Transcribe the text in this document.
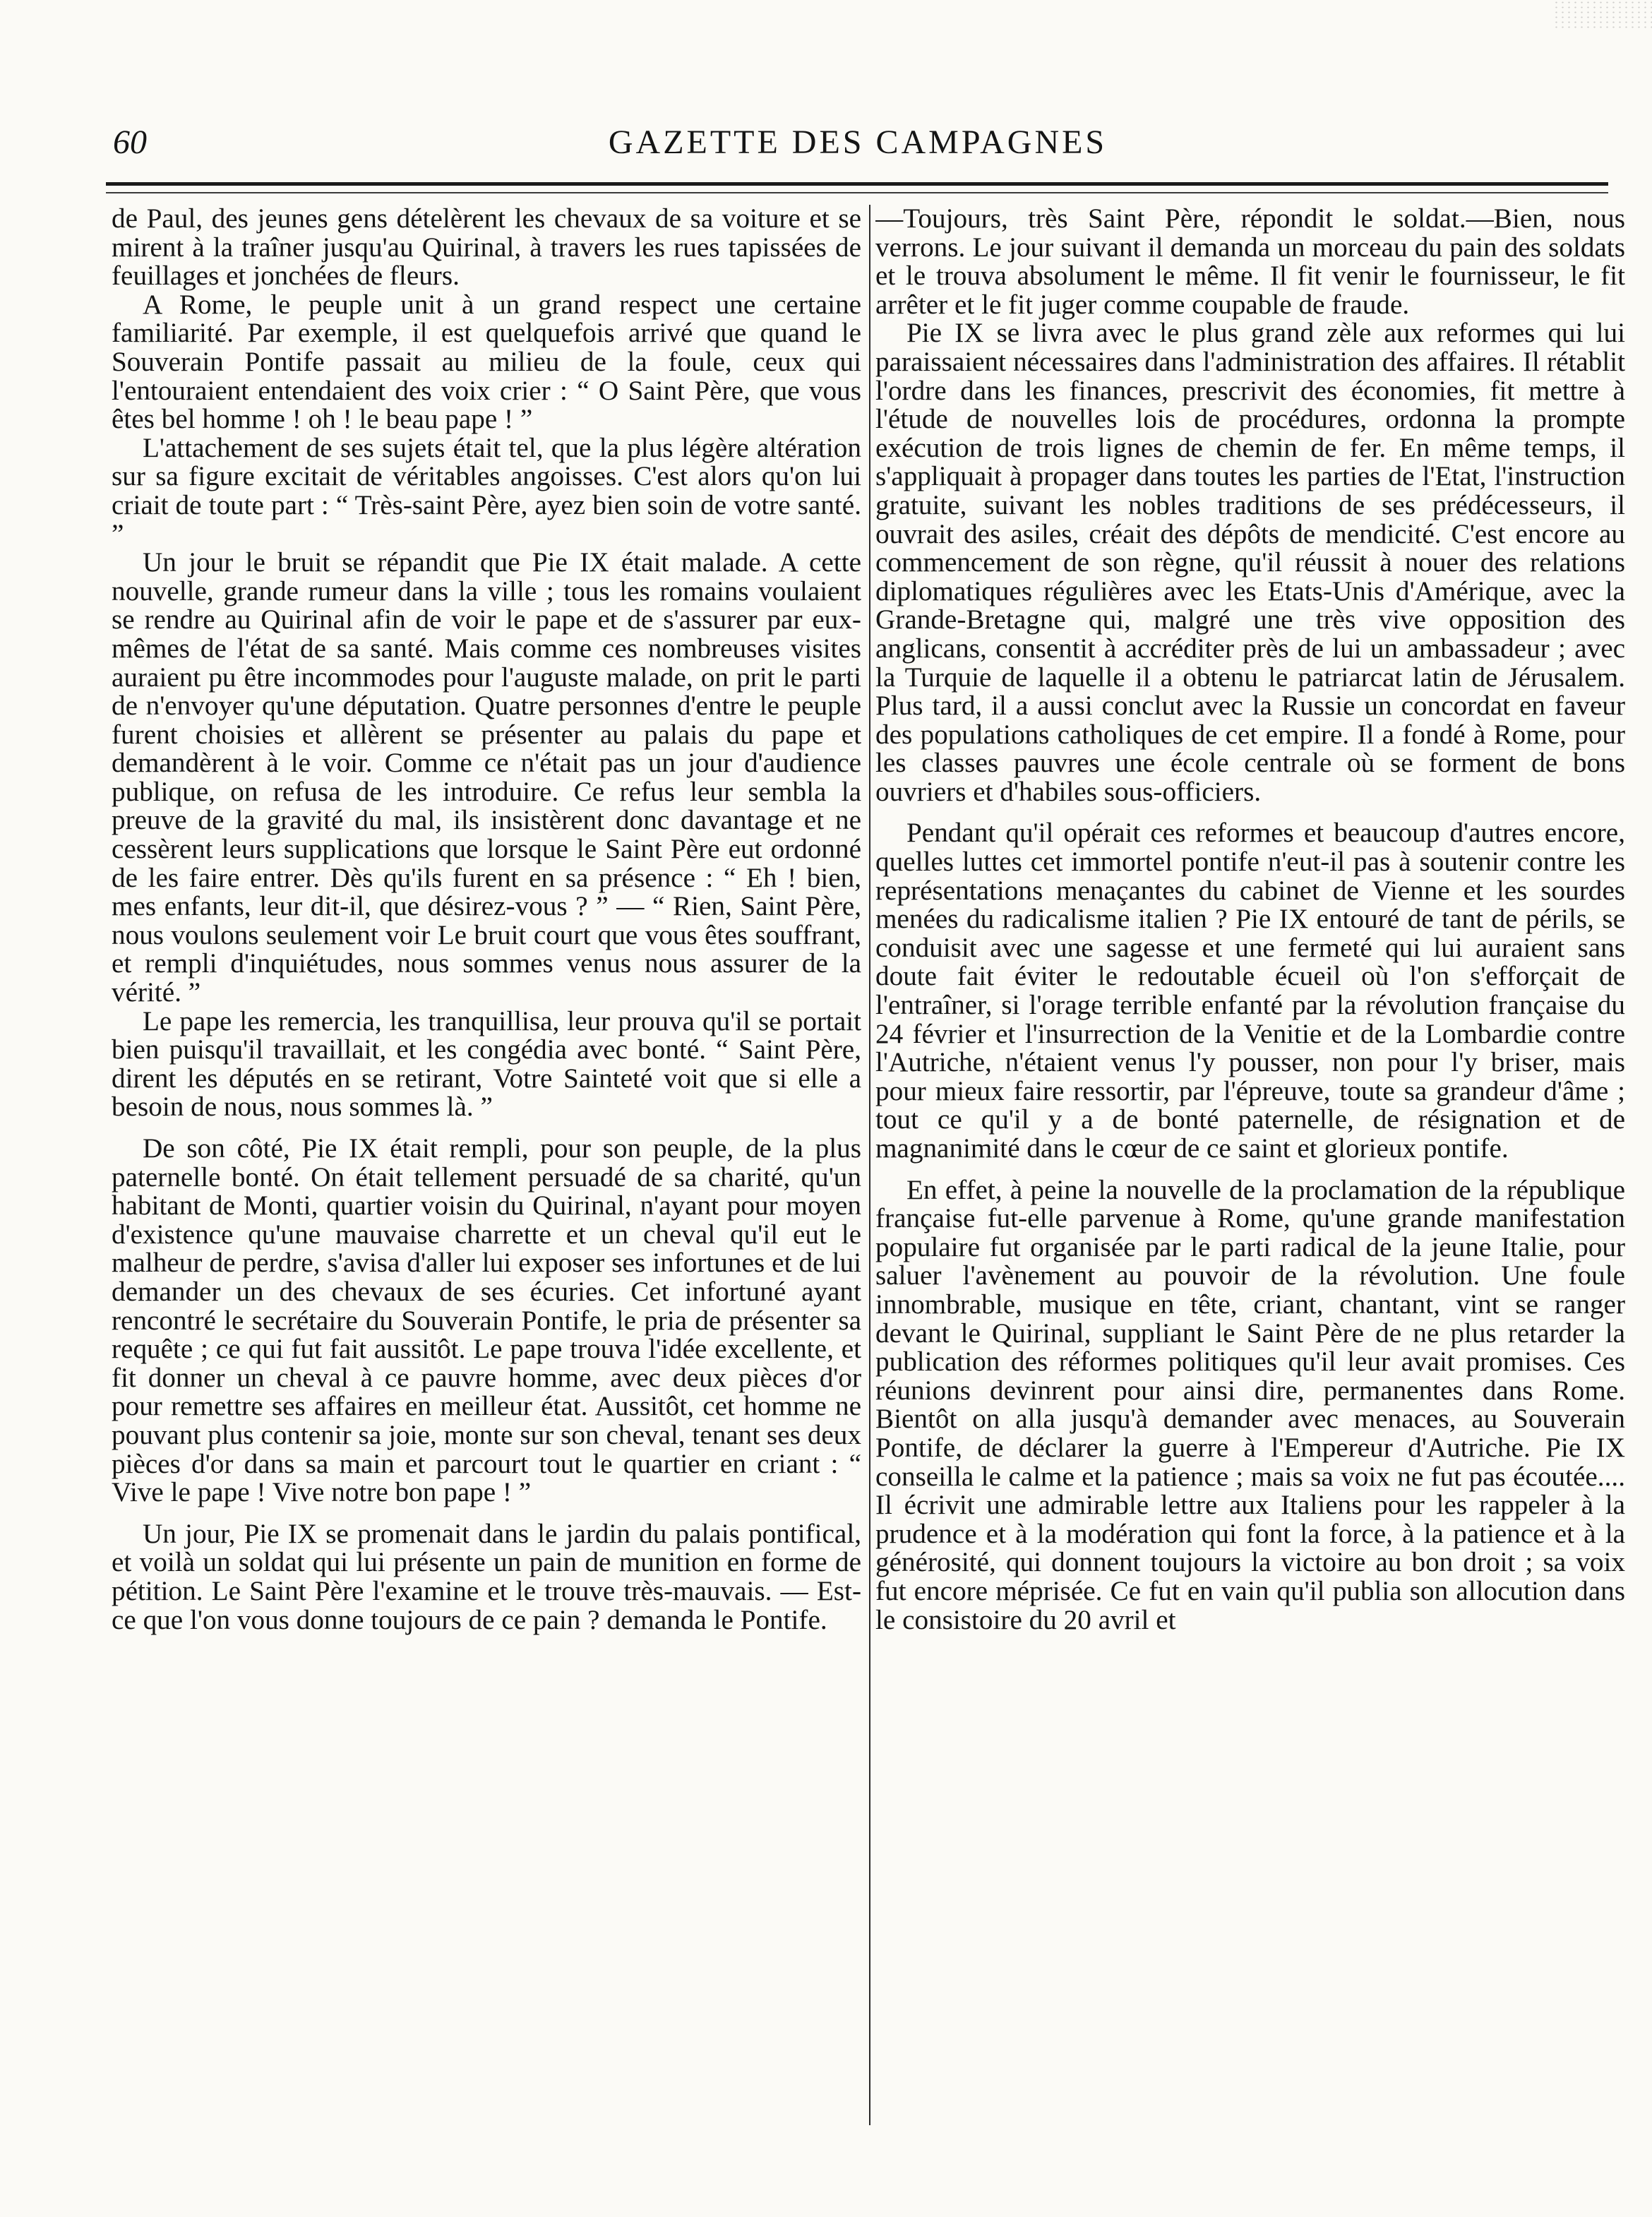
60	GAZETTE DES CAMPAGNES

de Paul, des jeunes gens dételèrent les chevaux de sa voiture et se mirent à la traîner jusqu'au Quirinal, à travers les rues tapissées de feuillages et jonchées de fleurs.

A Rome, le peuple unit à un grand respect une certaine familiarité. Par exemple, il est quelquefois arrivé que quand le Souverain Pontife passait au milieu de la foule, ceux qui l'entouraient entendaient des voix crier : “ O Saint Père, que vous êtes bel homme ! oh ! le beau pape ! ”

L'attachement de ses sujets était tel, que la plus légère altération sur sa figure excitait de véritables angoisses. C'est alors qu'on lui criait de toute part : “ Très-saint Père, ayez bien soin de votre santé. ”

Un jour le bruit se répandit que Pie IX était malade. A cette nouvelle, grande rumeur dans la ville ; tous les romains voulaient se rendre au Quirinal afin de voir le pape et de s'assurer par eux-mêmes de l'état de sa santé. Mais comme ces nombreuses visites auraient pu être incommodes pour l'auguste malade, on prit le parti de n'envoyer qu'une députation. Quatre personnes d'entre le peuple furent choisies et allèrent se présenter au palais du pape et demandèrent à le voir. Comme ce n'était pas un jour d'audience publique, on refusa de les introduire. Ce refus leur sembla la preuve de la gravité du mal, ils insistèrent donc davantage et ne cessèrent leurs supplications que lorsque le Saint Père eut ordonné de les faire entrer. Dès qu'ils furent en sa présence : “ Eh ! bien, mes enfants, leur dit-il, que désirez-vous ? ” — “ Rien, Saint Père, nous voulons seulement voir Le bruit court que vous êtes souffrant, et rempli d'inquiétudes, nous sommes venus nous assurer de la vérité. ”

Le pape les remercia, les tranquillisa, leur prouva qu'il se portait bien puisqu'il travaillait, et les congédia avec bonté. “ Saint Père, dirent les députés en se retirant, Votre Sainteté voit que si elle a besoin de nous, nous sommes là. ”

De son côté, Pie IX était rempli, pour son peuple, de la plus paternelle bonté. On était tellement persuadé de sa charité, qu'un habitant de Monti, quartier voisin du Quirinal, n'ayant pour moyen d'existence qu'une mauvaise charrette et un cheval qu'il eut le malheur de perdre, s'avisa d'aller lui exposer ses infortunes et de lui demander un des chevaux de ses écuries. Cet infortuné ayant rencontré le secrétaire du Souverain Pontife, le pria de présenter sa requête ; ce qui fut fait aussitôt. Le pape trouva l'idée excellente, et fit donner un cheval à ce pauvre homme, avec deux pièces d'or pour remettre ses affaires en meilleur état. Aussitôt, cet homme ne pouvant plus contenir sa joie, monte sur son cheval, tenant ses deux pièces d'or dans sa main et parcourt tout le quartier en criant : “ Vive le pape ! Vive notre bon pape ! ”

Un jour, Pie IX se promenait dans le jardin du palais pontifical, et voilà un soldat qui lui présente un pain de munition en forme de pétition. Le Saint Père l'examine et le trouve très-mauvais. — Est-ce que l'on vous donne toujours de ce pain ? demanda le Pontife.

—Toujours, très Saint Père, répondit le soldat.—Bien, nous verrons. Le jour suivant il demanda un morceau du pain des soldats et le trouva absolument le même. Il fit venir le fournisseur, le fit arrêter et le fit juger comme coupable de fraude.

Pie IX se livra avec le plus grand zèle aux reformes qui lui paraissaient nécessaires dans l'administration des affaires. Il rétablit l'ordre dans les finances, prescrivit des économies, fit mettre à l'étude de nouvelles lois de procédures, ordonna la prompte exécution de trois lignes de chemin de fer. En même temps, il s'appliquait à propager dans toutes les parties de l'Etat, l'instruction gratuite, suivant les nobles traditions de ses prédécesseurs, il ouvrait des asiles, créait des dépôts de mendicité. C'est encore au commencement de son règne, qu'il réussit à nouer des relations diplomatiques régulières avec les Etats-Unis d'Amérique, avec la Grande-Bretagne qui, malgré une très vive opposition des anglicans, consentit à accréditer près de lui un ambassadeur ; avec la Turquie de laquelle il a obtenu le patriarcat latin de Jérusalem. Plus tard, il a aussi conclut avec la Russie un concordat en faveur des populations catholiques de cet empire. Il a fondé à Rome, pour les classes pauvres une école centrale où se forment de bons ouvriers et d'habiles sous-officiers.

Pendant qu'il opérait ces reformes et beaucoup d'autres encore, quelles luttes cet immortel pontife n'eut-il pas à soutenir contre les représentations menaçantes du cabinet de Vienne et les sourdes menées du radicalisme italien ? Pie IX entouré de tant de périls, se conduisit avec une sagesse et une fermeté qui lui auraient sans doute fait éviter le redoutable écueil où l'on s'efforçait de l'entraîner, si l'orage terrible enfanté par la révolution française du 24 février et l'insurrection de la Venitie et de la Lombardie contre l'Autriche, n'étaient venus l'y pousser, non pour l'y briser, mais pour mieux faire ressortir, par l'épreuve, toute sa grandeur d'âme ; tout ce qu'il y a de bonté paternelle, de résignation et de magnanimité dans le cœur de ce saint et glorieux pontife.

En effet, à peine la nouvelle de la proclamation de la république française fut-elle parvenue à Rome, qu'une grande manifestation populaire fut organisée par le parti radical de la jeune Italie, pour saluer l'avènement au pouvoir de la révolution. Une foule innombrable, musique en tête, criant, chantant, vint se ranger devant le Quirinal, suppliant le Saint Père de ne plus retarder la publication des réformes politiques qu'il leur avait promises. Ces réunions devinrent pour ainsi dire, permanentes dans Rome. Bientôt on alla jusqu'à demander avec menaces, au Souverain Pontife, de déclarer la guerre à l'Empereur d'Autriche. Pie IX conseilla le calme et la patience ; mais sa voix ne fut pas écoutée.... Il écrivit une admirable lettre aux Italiens pour les rappeler à la prudence et à la modération qui font la force, à la patience et à la générosité, qui donnent toujours la victoire au bon droit ; sa voix fut encore méprisée. Ce fut en vain qu'il publia son allocution dans le consistoire du 20 avril et
